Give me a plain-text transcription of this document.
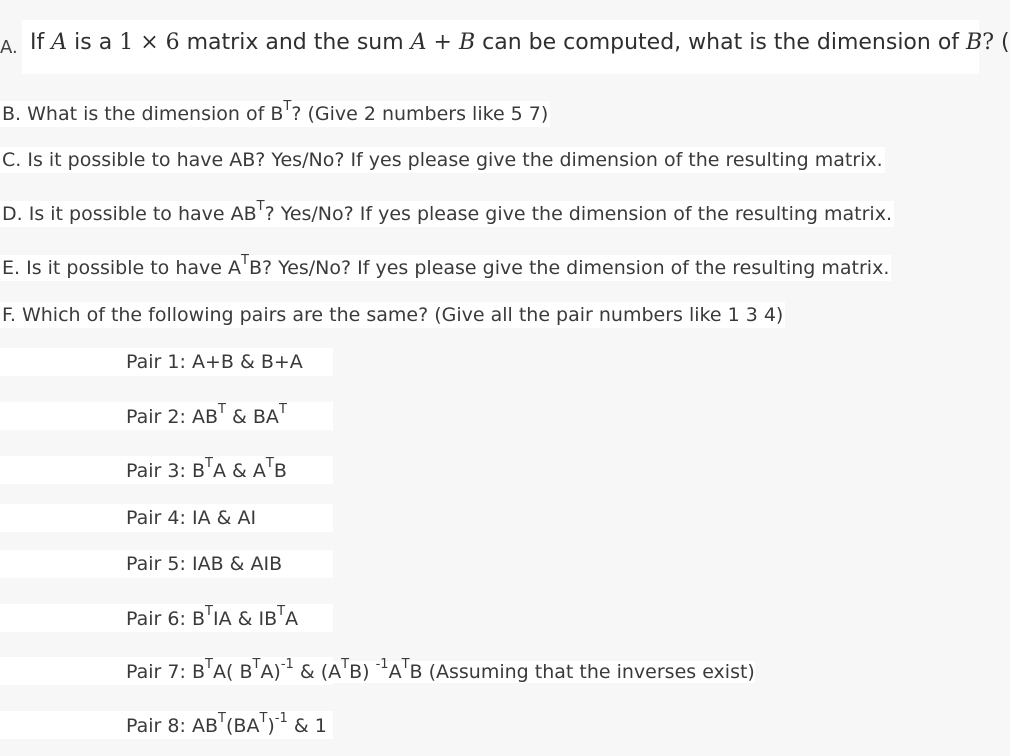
A. If A is a 1 × 6 matrix and the sum A + B can be computed, what is the dimension of B? (
B. What is the dimension of $B^T$? (Give 2 numbers like 5 7)
C. Is it possible to have AB? Yes/No? If yes please give the dimension of the resulting matrix.
D. Is it possible to have $AB^T$? Yes/No? If yes please give the dimension of the resulting matrix.
E. Is it possible to have $A^TB$? Yes/No? If yes please give the dimension of the resulting matrix.
F. Which of the following pairs are the same? (Give all the pair numbers like 1 3 4)
Pair 1: A+B & B+A
Pair 2: $AB^T$ & $BA^T$
Pair 3: $B^TA$ & $A^TB$
Pair 4: IA & AI
Pair 5: IAB & AIB
Pair 6: $B^TIA$ & $IB^TA$
Pair 7: $B^TA$( $B^TA)^{-1}$ & $(A^TB)$ $^{-1}A^TB$ (Assuming that the inverses exist)
Pair 8: $AB^T(BA^T)^{-1}$ & 1
